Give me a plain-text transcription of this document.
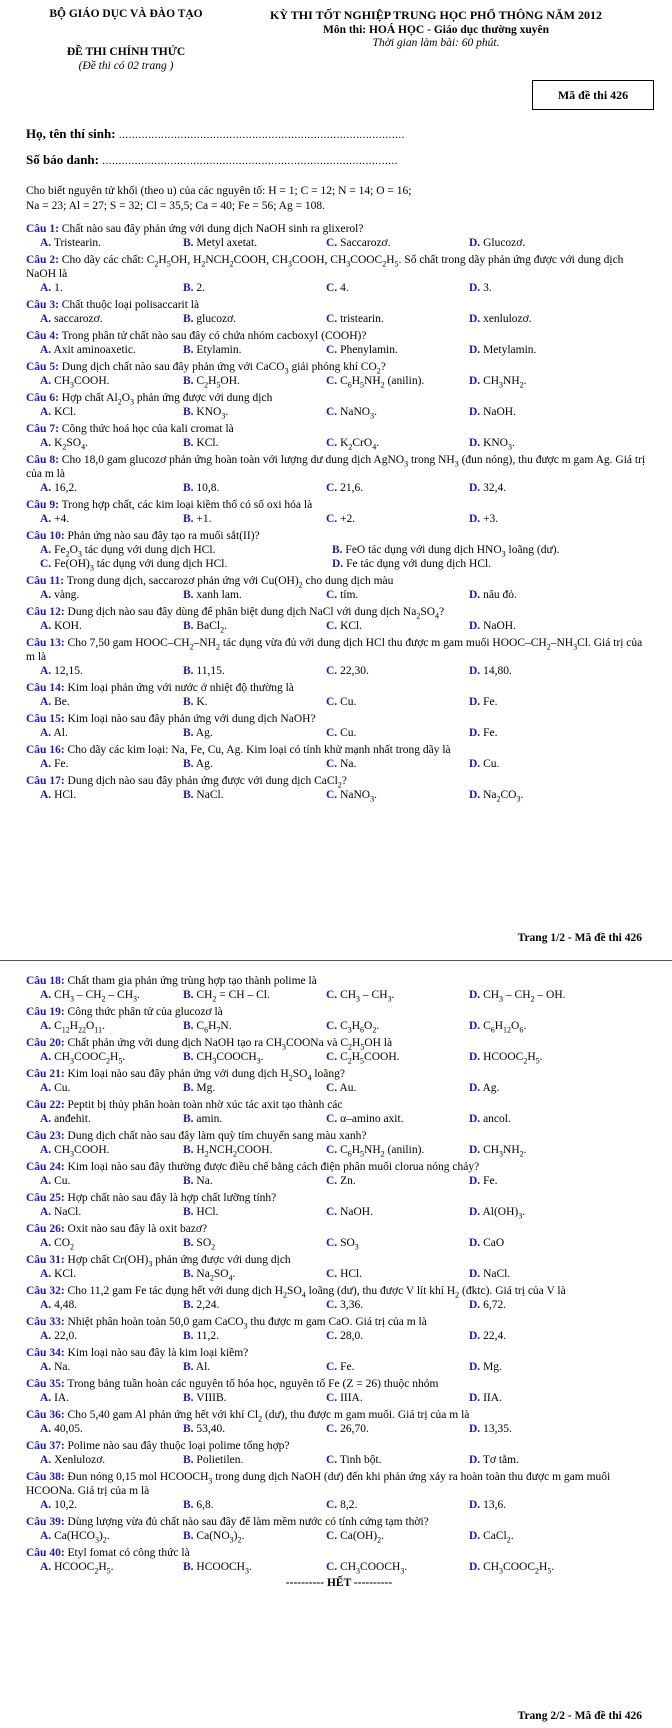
BỘ GIÁO DỤC VÀ ĐÀO TẠO
ĐỀ THI CHÍNH THỨC
(Đề thi có 02 trang )
KỲ THI TỐT NGHIỆP TRUNG HỌC PHỔ THÔNG NĂM 2012
Môn thi: HOÁ HỌC - Giáo dục thường xuyên
Thời gian làm bài: 60 phút.
Mã đề thi 426
Họ, tên thí sinh: ........................................................................................
Số báo danh: ...........................................................................................
Cho biết nguyên tử khối (theo u) của các nguyên tố: H = 1; C = 12; N = 14; O = 16;
Na = 23; Al = 27; S = 32; Cl = 35,5; Ca = 40; Fe = 56; Ag = 108.
Câu 1: Chất nào sau đây phản ứng với dung dịch NaOH sinh ra glixerol?
A. Tristearin.	B. Metyl axetat.	C. Saccarozơ.	D. Glucozơ.
Câu 2: Cho dãy các chất: $C_2H_5OH$, $H_2NCH_2COOH$, $CH_3COOH$, $CH_3COOC_2H_5$. Số chất trong dãy phản ứng được với dung dịch NaOH là
A. 1.	B. 2.	C. 4.	D. 3.
Câu 3: Chất thuộc loại polisaccarit là
A. saccarozơ.	B. glucozơ.	C. tristearin.	D. xenlulozơ.
Câu 4: Trong phân tử chất nào sau đây có chứa nhóm cacboxyl (COOH)?
A. Axit aminoaxetic.	B. Etylamin.	C. Phenylamin.	D. Metylamin.
Câu 5: Dung dịch chất nào sau đây phản ứng với CaCO$_3$ giải phóng khí $CO_2$?
A. $CH_3COOH$.	B. $C_2H_5OH$.	C. $C_6H_5NH_2$ (anilin).	D. $CH_3NH_2$.
Câu 6: Hợp chất $Al_2O_3$ phản ứng được với dung dịch
A. KCl.	B. $KNO_3$.	C. NaNO$_3$.	D. NaOH.
Câu 7: Công thức hoá học của kali cromat là
A. $K_2SO_4$.	B. KCl.	C. $K_2CrO_4$.	D. $KNO_3$.
Câu 8: Cho 18,0 gam glucozơ phản ứng hoàn toàn với lượng dư dung dịch AgNO$_3$ trong $NH_3$ (đun nóng), thu được m gam Ag. Giá trị của m là
A. 16,2.	B. 10,8.	C. 21,6.	D. 32,4.
Câu 9: Trong hợp chất, các kim loại kiềm thổ có số oxi hóa là
A. +4.	B. +1.	C. +2.	D. +3.
Câu 10: Phản ứng nào sau đây tạo ra muối sắt(II)?
A. $Fe_2O_3$ tác dụng với dung dịch HCl.	B. FeO tác dụng với dung dịch $HNO_3$ loãng (dư).
C. $Fe(OH)_3$ tác dụng với dung dịch HCl.	D. Fe tác dụng với dung dịch HCl.
Câu 11: Trong dung dịch, saccarozơ phản ứng với $Cu(OH)_2$ cho dung dịch màu
A. vàng.	B. xanh lam.	C. tím.	D. nâu đỏ.
Câu 12: Dung dịch nào sau đây dùng để phân biệt dung dịch NaCl với dung dịch $Na_2SO_4$?
A. KOH.	B. BaCl$_2$.	C. KCl.	D. NaOH.
Câu 13: Cho 7,50 gam HOOC–$CH_2-NH_2$ tác dụng vừa đủ với dung dịch HCl thu được m gam muối HOOC–$CH_2-NH_3Cl$. Giá trị của m là
A. 12,15.	B. 11,15.	C. 22,30.	D. 14,80.
Câu 14: Kim loại phản ứng với nước ở nhiệt độ thường là
A. Be.	B. K.	C. Cu.	D. Fe.
Câu 15: Kim loại nào sau đây phản ứng với dung dịch NaOH?
A. Al.	B. Ag.	C. Cu.	D. Fe.
Câu 16: Cho dãy các kim loại: Na, Fe, Cu, Ag. Kim loại có tính khử mạnh nhất trong dãy là
A. Fe.	B. Ag.	C. Na.	D. Cu.
Câu 17: Dung dịch nào sau đây phản ứng được với dung dịch CaCl$_2$?
A. HCl.	B. NaCl.	C. NaNO$_3$.	D. $Na_2CO_3$.
Trang 1/2 - Mã đề thi 426
Câu 18: Chất tham gia phản ứng trùng hợp tạo thành polime là
A. $CH_3 - CH_2 - CH_3$.	B. $CH_2$ = CH – Cl.	C. $CH_3 - CH_3$.	D. $CH_3 - CH_2$ – OH.
Câu 19: Công thức phân tử của glucozơ là
A. $C_{12}H_{22}O_{11}$.	B. $C_6H_7N$.	C. $C_3H_6O_2$.	D. $C_6H_{12}O_6$.
Câu 20: Chất phản ứng với dung dịch NaOH tạo ra $CH_3COONa$ và $C_2H_5OH$ là
A. $CH_3COOC_2H_5$.	B. $CH_3COOCH_3$.	C. $C_2H_5COOH$.	D. $HCOOC_2H_5$.
Câu 21: Kim loại nào sau đây phản ứng với dung dịch $H_2SO_4$ loãng?
A. Cu.	B. Mg.	C. Au.	D. Ag.
Câu 22: Peptit bị thủy phân hoàn toàn nhờ xúc tác axit tạo thành các
A. anđehit.	B. amin.	C. α–amino axit.	D. ancol.
Câu 23: Dung dịch chất nào sau đây làm quỳ tím chuyển sang màu xanh?
A. $CH_3COOH$.	B. $H_2NCH_2COOH$.	C. $C_6H_5NH_2$ (anilin).	D. $CH_3NH_2$.
Câu 24: Kim loại nào sau đây thường được điều chế bằng cách điện phân muối clorua nóng chảy?
A. Cu.	B. Na.	C. Zn.	D. Fe.
Câu 25: Hợp chất nào sau đây là hợp chất lưỡng tính?
A. NaCl.	B. HCl.	C. NaOH.	D. $Al(OH)_3$.
Câu 26: Oxit nào sau đây là oxit bazơ?
A. $CO_2$	B. $SO_2$	C. $SO_3$	D. CaO
Câu 31: Hợp chất $Cr(OH)_3$ phản ứng được với dung dịch
A. KCl.	B. $Na_2SO_4$.	C. HCl.	D. NaCl.
Câu 32: Cho 11,2 gam Fe tác dụng hết với dung dịch $H_2SO_4$ loãng (dư), thu được V lít khí $H_2$ (đktc). Giá trị của V là
A. 4,48.	B. 2,24.	C. 3,36.	D. 6,72.
Câu 33: Nhiệt phân hoàn toàn 50,0 gam CaCO$_3$ thu được m gam CaO. Giá trị của m là
A. 22,0.	B. 11,2.	C. 28,0.	D. 22,4.
Câu 34: Kim loại nào sau đây là kim loại kiềm?
A. Na.	B. Al.	C. Fe.	D. Mg.
Câu 35: Trong bảng tuần hoàn các nguyên tố hóa học, nguyên tố Fe (Z = 26) thuộc nhóm
A. IA.	B. VIIIB.	C. IIIA.	D. IIA.
Câu 36: Cho 5,40 gam Al phản ứng hết với khí $Cl_2$ (dư), thu được m gam muối. Giá trị của m là
A. 40,05.	B. 53,40.	C. 26,70.	D. 13,35.
Câu 37: Polime nào sau đây thuộc loại polime tổng hợp?
A. Xenlulozơ.	B. Polietilen.	C. Tinh bột.	D. Tơ tằm.
Câu 38: Đun nóng 0,15 mol $HCOOCH_3$ trong dung dịch NaOH (dư) đến khi phản ứng xảy ra hoàn toàn thu được m gam muối HCOONa. Giá trị của m là
A. 10,2.	B. 6,8.	C. 8,2.	D. 13,6.
Câu 39: Dùng lượng vừa đủ chất nào sau đây để làm mềm nước có tính cứng tạm thời?
A. $Ca(HCO_3)_2$.	B. $Ca(NO_3)_2$.	C. $Ca(OH)_2$.	D. CaCl$_2$.
Câu 40: Etyl fomat có công thức là
A. $HCOOC_2H_5$.	B. $HCOOCH_3$.	C. $CH_3COOCH_3$.	D. $CH_3COOC_2H_5$.
---------- HẾT ----------
Trang 2/2 - Mã đề thi 426
